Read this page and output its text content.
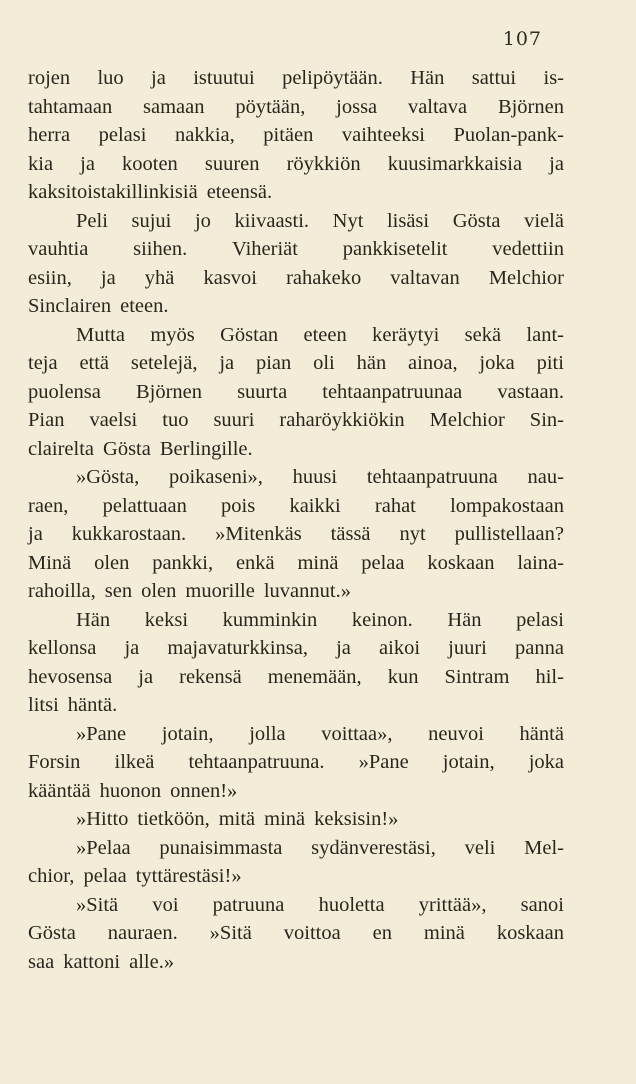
107
rojen luo ja istuutui pelipöytään. Hän sattui is-
tahtamaan samaan pöytään, jossa valtava Björnen
herra pelasi nakkia, pitäen vaihteeksi Puolan-pank-
kia ja kooten suuren röykkiön kuusimarkkaisia ja
kaksitoistakillinkisiä eteensä.
Peli sujui jo kiivaasti. Nyt lisäsi Gösta vielä
vauhtia siihen. Viheriät pankkisetelit vedettiin
esiin, ja yhä kasvoi rahakeko valtavan Melchior
Sinclairen eteen.
Mutta myös Göstan eteen keräytyi sekä lant-
teja että setelejä, ja pian oli hän ainoa, joka piti
puolensa Björnen suurta tehtaanpatruunaa vastaan.
Pian vaelsi tuo suuri raharöykkiökin Melchior Sin-
clairelta Gösta Berlingille.
»Gösta, poikaseni», huusi tehtaanpatruuna nau-
raen, pelattuaan pois kaikki rahat lompakostaan
ja kukkarostaan. »Mitenkäs tässä nyt pullistellaan?
Minä olen pankki, enkä minä pelaa koskaan laina-
rahoilla, sen olen muorille luvannut.»
Hän keksi kumminkin keinon. Hän pelasi
kellonsa ja majavaturkkinsa, ja aikoi juuri panna
hevosensa ja rekensä menemään, kun Sintram hil-
litsi häntä.
»Pane jotain, jolla voittaa», neuvoi häntä
Forsin ilkeä tehtaanpatruuna. »Pane jotain, joka
kääntää huonon onnen!»
»Hitto tietköön, mitä minä keksisin!»
»Pelaa punaisimmasta sydänverestäsi, veli Mel-
chior, pelaa tyttärestäsi!»
»Sitä voi patruuna huoletta yrittää», sanoi
Gösta nauraen. »Sitä voittoa en minä koskaan
saa kattoni alle.»
